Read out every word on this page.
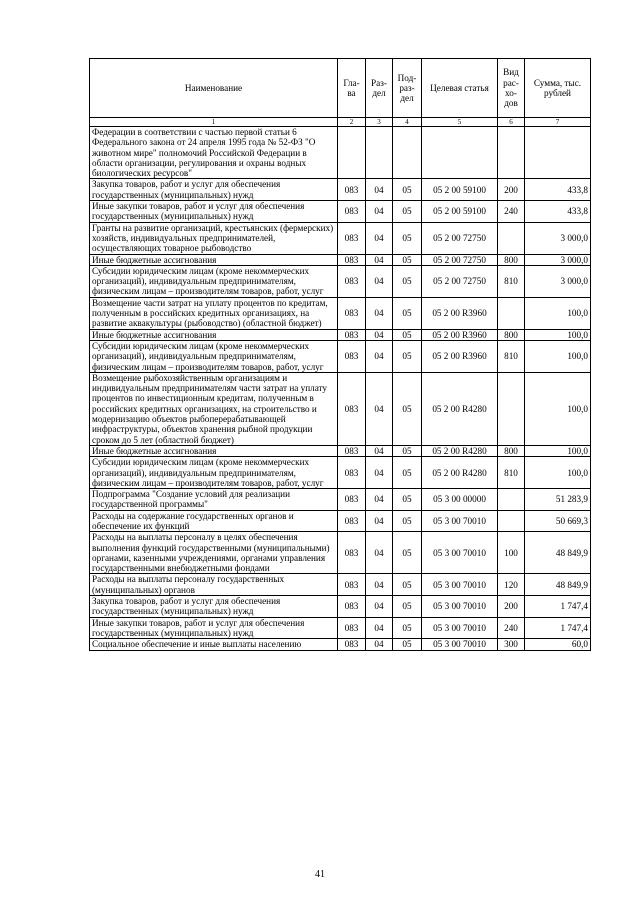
Наименование	Гла-ва	Раз-дел	Под-раз-дел	Целевая статья	Вид рас-хо-дов	Сумма, тыс. рублей
1	2	3	4	5	6	7
Федерации в соответствии с частью первой статьи 6 Федерального закона от 24 апреля 1995 года № 52-ФЗ "О животном мире" полномочий Российской Федерации в области организации, регулирования и охраны водных биологических ресурсов"						
Закупка товаров, работ и услуг для обеспечения государственных (муниципальных) нужд	083	04	05	05 2 00 59100	200	433,8
Иные закупки товаров, работ и услуг для обеспечения государственных (муниципальных) нужд	083	04	05	05 2 00 59100	240	433,8
Гранты на развитие организаций, крестьянских (фермерских) хозяйств, индивидуальных предпринимателей, осуществляющих товарное рыбоводство	083	04	05	05 2 00 72750		3 000,0
Иные бюджетные ассигнования	083	04	05	05 2 00 72750	800	3 000,0
Субсидии юридическим лицам (кроме некоммерческих организаций), индивидуальным предпринимателям, физическим лицам – производителям товаров, работ, услуг	083	04	05	05 2 00 72750	810	3 000,0
Возмещение части затрат на уплату процентов по кредитам, полученным в российских кредитных организациях, на развитие аквакультуры (рыбоводство) (областной бюджет)	083	04	05	05 2 00 R3960		100,0
Иные бюджетные ассигнования	083	04	05	05 2 00 R3960	800	100,0
Субсидии юридическим лицам (кроме некоммерческих организаций), индивидуальным предпринимателям, физическим лицам – производителям товаров, работ, услуг	083	04	05	05 2 00 R3960	810	100,0
Возмещение рыбохозяйственным организациям и индивидуальным предпринимателям части затрат на уплату процентов по инвестиционным кредитам, полученным в российских кредитных организациях, на строительство и модернизацию объектов рыбоперерабатывающей инфраструктуры, объектов хранения рыбной продукции сроком до 5 лет (областной бюджет)	083	04	05	05 2 00 R4280		100,0
Иные бюджетные ассигнования	083	04	05	05 2 00 R4280	800	100,0
Субсидии юридическим лицам (кроме некоммерческих организаций), индивидуальным предпринимателям, физическим лицам – производителям товаров, работ, услуг	083	04	05	05 2 00 R4280	810	100,0
Подпрограмма "Создание условий для реализации государственной программы"	083	04	05	05 3 00 00000		51 283,9
Расходы на содержание государственных органов и обеспечение их функций	083	04	05	05 3 00 70010		50 669,3
Расходы на выплаты персоналу в целях обеспечения выполнения функций государственными (муниципальными) органами, казенными учреждениями, органами управления государственными внебюджетными фондами	083	04	05	05 3 00 70010	100	48 849,9
Расходы на выплаты персоналу государственных (муниципальных) органов	083	04	05	05 3 00 70010	120	48 849,9
Закупка товаров, работ и услуг для обеспечения государственных (муниципальных) нужд	083	04	05	05 3 00 70010	200	1 747,4
Иные закупки товаров, работ и услуг для обеспечения государственных (муниципальных) нужд	083	04	05	05 3 00 70010	240	1 747,4
Социальное обеспечение и иные выплаты населению	083	04	05	05 3 00 70010	300	60,0
41
